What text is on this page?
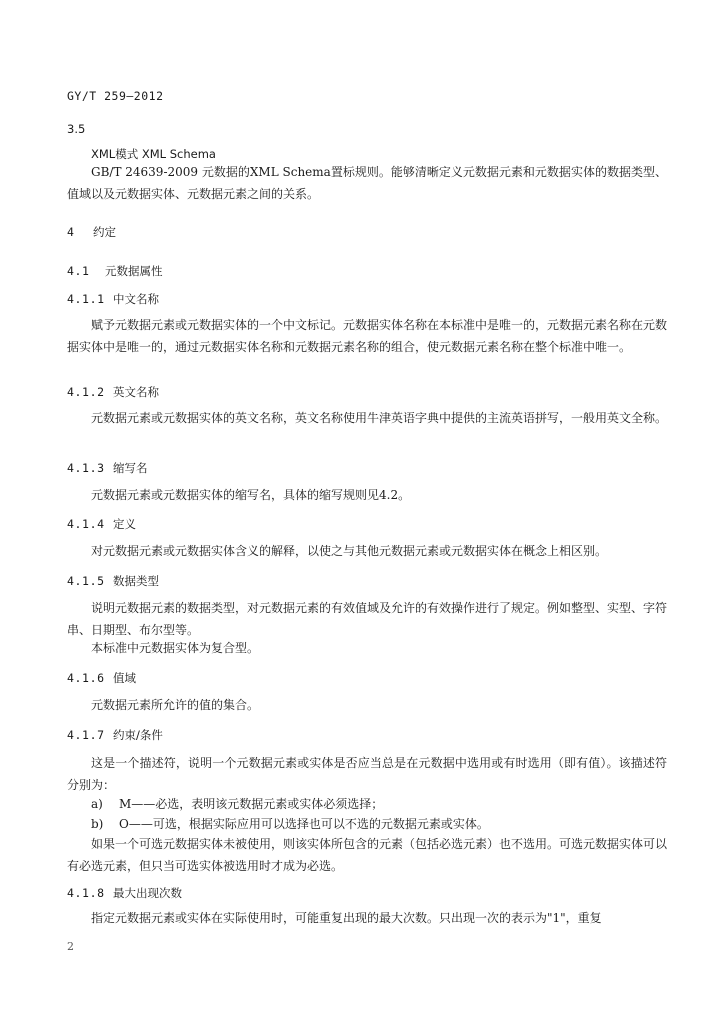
GY/T 259—2012
3.5
XML模式 XML Schema
GB/T 24639-2009 元数据的XML Schema置标规则。能够清晰定义元数据元素和元数据实体的数据类型、值域以及元数据实体、元数据元素之间的关系。
4 约定
4.1 元数据属性
4.1.1 中文名称
赋予元数据元素或元数据实体的一个中文标记。元数据实体名称在本标准中是唯一的，元数据元素名称在元数据实体中是唯一的，通过元数据实体名称和元数据元素名称的组合，使元数据元素名称在整个标准中唯一。
4.1.2 英文名称
元数据元素或元数据实体的英文名称，英文名称使用牛津英语字典中提供的主流英语拼写，一般用英文全称。
4.1.3 缩写名
元数据元素或元数据实体的缩写名，具体的缩写规则见4.2。
4.1.4 定义
对元数据元素或元数据实体含义的解释，以使之与其他元数据元素或元数据实体在概念上相区别。
4.1.5 数据类型
说明元数据元素的数据类型，对元数据元素的有效值域及允许的有效操作进行了规定。例如整型、实型、字符串、日期型、布尔型等。
本标准中元数据实体为复合型。
4.1.6 值域
元数据元素所允许的值的集合。
4.1.7 约束/条件
这是一个描述符，说明一个元数据元素或实体是否应当总是在元数据中选用或有时选用（即有值）。该描述符分别为：
a) M——必选，表明该元数据元素或实体必须选择；
b) O——可选，根据实际应用可以选择也可以不选的元数据元素或实体。
如果一个可选元数据实体未被使用，则该实体所包含的元素（包括必选元素）也不选用。可选元数据实体可以有必选元素，但只当可选实体被选用时才成为必选。
4.1.8 最大出现次数
指定元数据元素或实体在实际使用时，可能重复出现的最大次数。只出现一次的表示为"1"，重复
2
